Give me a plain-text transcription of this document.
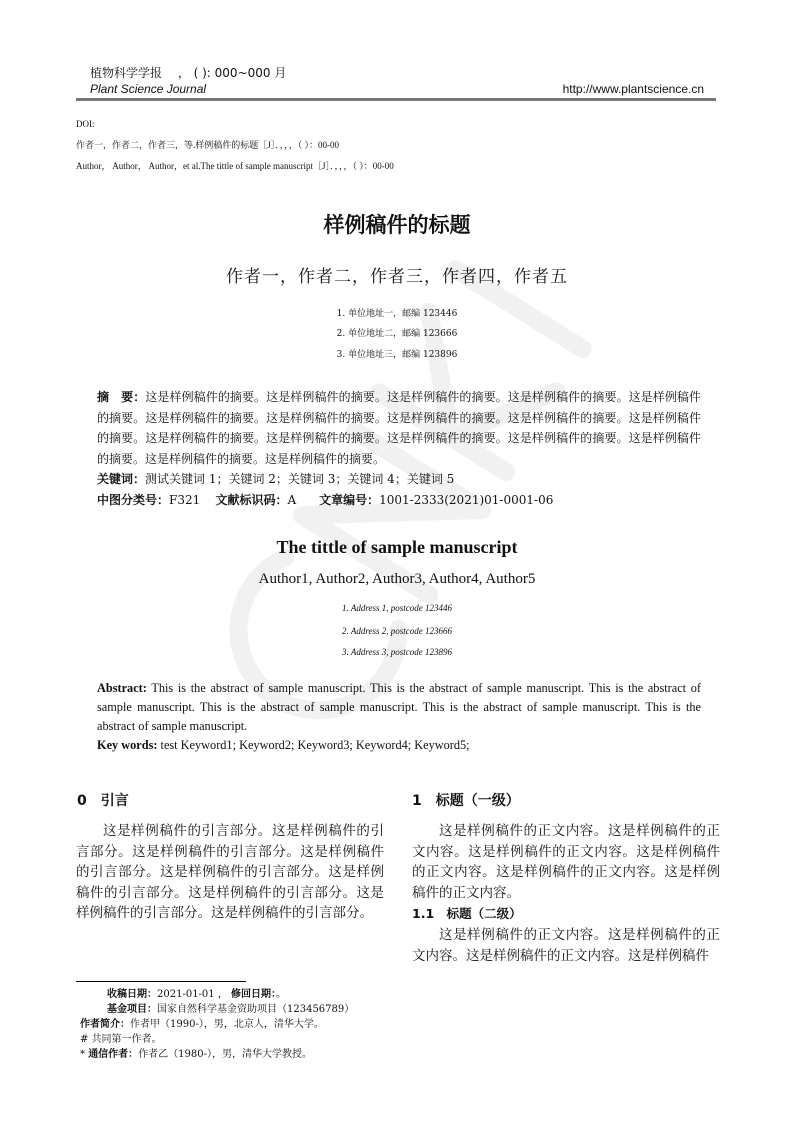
植物科学学报　 ， ( ): 000~000 月
Plant Science Journal	http://www.plantscience.cn
DOI:
作者一，作者二，作者三，等.样例稿件的标题［J］．，，，（ ）：00-00
Author， Author， Author，et al.The tittle of sample manuscript［J］．，，，（ ）：00-00
样例稿件的标题
作者一，作者二，作者三，作者四，作者五
1. 单位地址一，邮编 123446
2. 单位地址二，邮编 123666
3. 单位地址三，邮编 123896
摘　要：这是样例稿件的摘要。这是样例稿件的摘要。这是样例稿件的摘要。这是样例稿件的摘要。这是样例稿件的摘要。这是样例稿件的摘要。这是样例稿件的摘要。这是样例稿件的摘要。这是样例稿件的摘要。这是样例稿件的摘要。这是样例稿件的摘要。这是样例稿件的摘要。这是样例稿件的摘要。这是样例稿件的摘要。这是样例稿件的摘要。这是样例稿件的摘要。这是样例稿件的摘要。
关键词：测试关键词 1；关键词 2；关键词 3；关键词 4；关键词 5
中图分类号：F321 文献标识码：A 文章编号：1001-2333(2021)01-0001-06
The tittle of sample manuscript
Author1, Author2, Author3, Author4, Author5
1. Address 1, postcode 123446
2. Address 2, postcode 123666
3. Address 3, postcode 123896
Abstract: This is the abstract of sample manuscript. This is the abstract of sample manuscript. This is the abstract of sample manuscript. This is the abstract of sample manuscript. This is the abstract of sample manuscript. This is the abstract of sample manuscript.
Key words: test Keyword1; Keyword2; Keyword3; Keyword4; Keyword5;
0　引言
这是样例稿件的引言部分。这是样例稿件的引言部分。这是样例稿件的引言部分。这是样例稿件的引言部分。这是样例稿件的引言部分。这是样例稿件的引言部分。这是样例稿件的引言部分。这是样例稿件的引言部分。这是样例稿件的引言部分。
1　标题（一级）
这是样例稿件的正文内容。这是样例稿件的正文内容。这是样例稿件的正文内容。这是样例稿件的正文内容。这是样例稿件的正文内容。这是样例稿件的正文内容。
1.1　标题（二级）
这是样例稿件的正文内容。这是样例稿件的正文内容。这是样例稿件的正文内容。这是样例稿件
收稿日期：2021-01-01 ， 修回日期：。
基金项目：国家自然科学基金资助项目（123456789）
作者简介：作者甲（1990-），男，北京人，清华大学。
# 共同第一作者。
* 通信作者：作者乙（1980-），男，清华大学教授。
